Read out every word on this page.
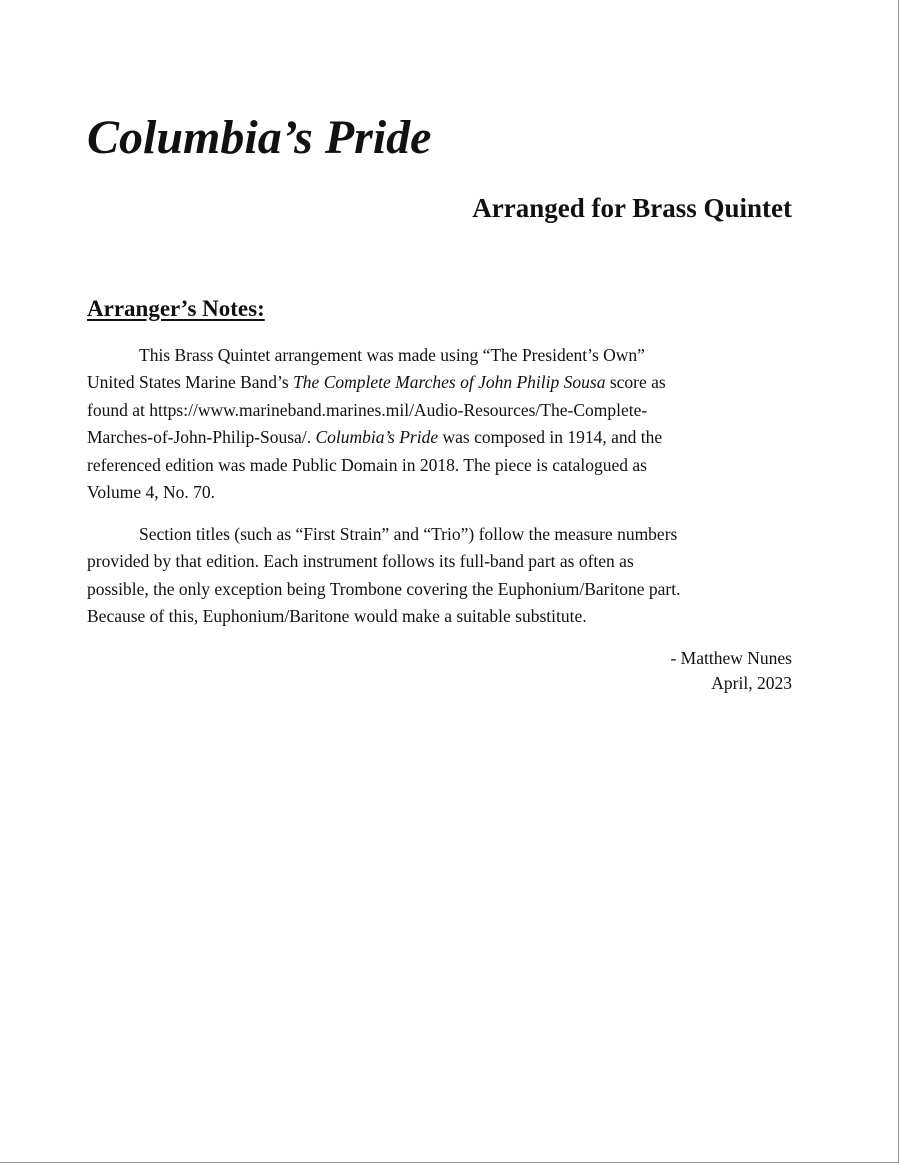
Columbia’s Pride
Arranged for Brass Quintet
Arranger’s Notes:
This Brass Quintet arrangement was made using “The President’s Own”
United States Marine Band’s The Complete Marches of John Philip Sousa score as
found at https://www.marineband.marines.mil/Audio-Resources/The-Complete-
Marches-of-John-Philip-Sousa/. Columbia’s Pride was composed in 1914, and the
referenced edition was made Public Domain in 2018. The piece is catalogued as
Volume 4, No. 70.
Section titles (such as “First Strain” and “Trio”) follow the measure numbers
provided by that edition. Each instrument follows its full-band part as often as
possible, the only exception being Trombone covering the Euphonium/Baritone part.
Because of this, Euphonium/Baritone would make a suitable substitute.
- Matthew Nunes
April, 2023
